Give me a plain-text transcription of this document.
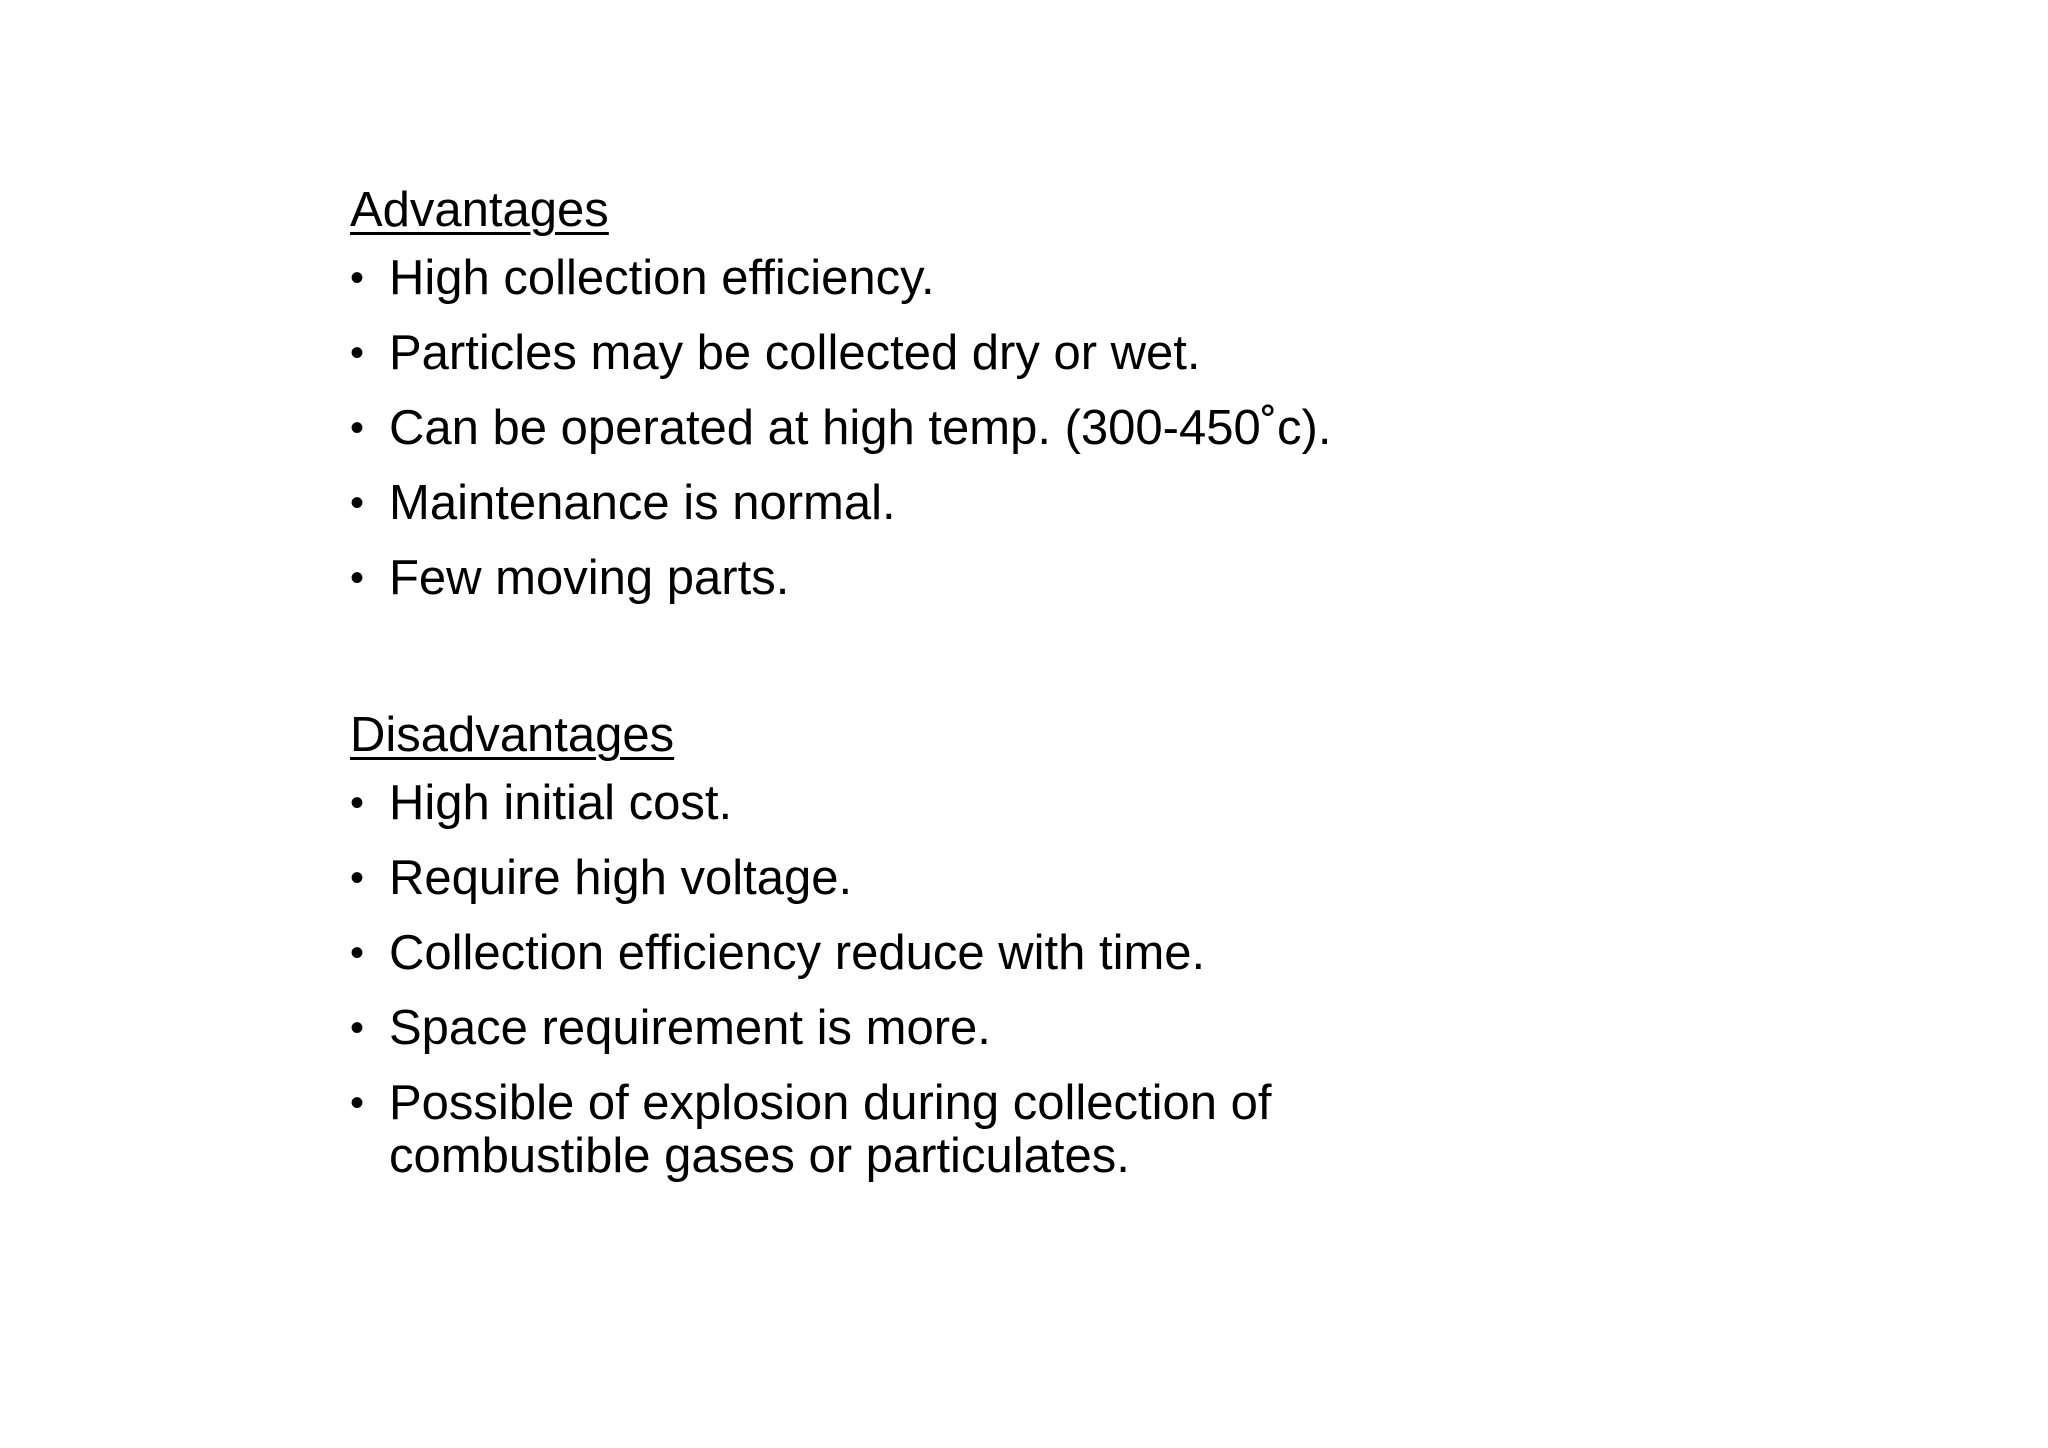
Advantages
• High collection efficiency.
• Particles may be collected dry or wet.
• Can be operated at high temp. (300-450˚c).
• Maintenance is normal.
• Few moving parts.
Disadvantages
• High initial cost.
• Require high voltage.
• Collection efficiency reduce with time.
• Space requirement is more.
• Possible of explosion during collection of combustible gases or particulates.
